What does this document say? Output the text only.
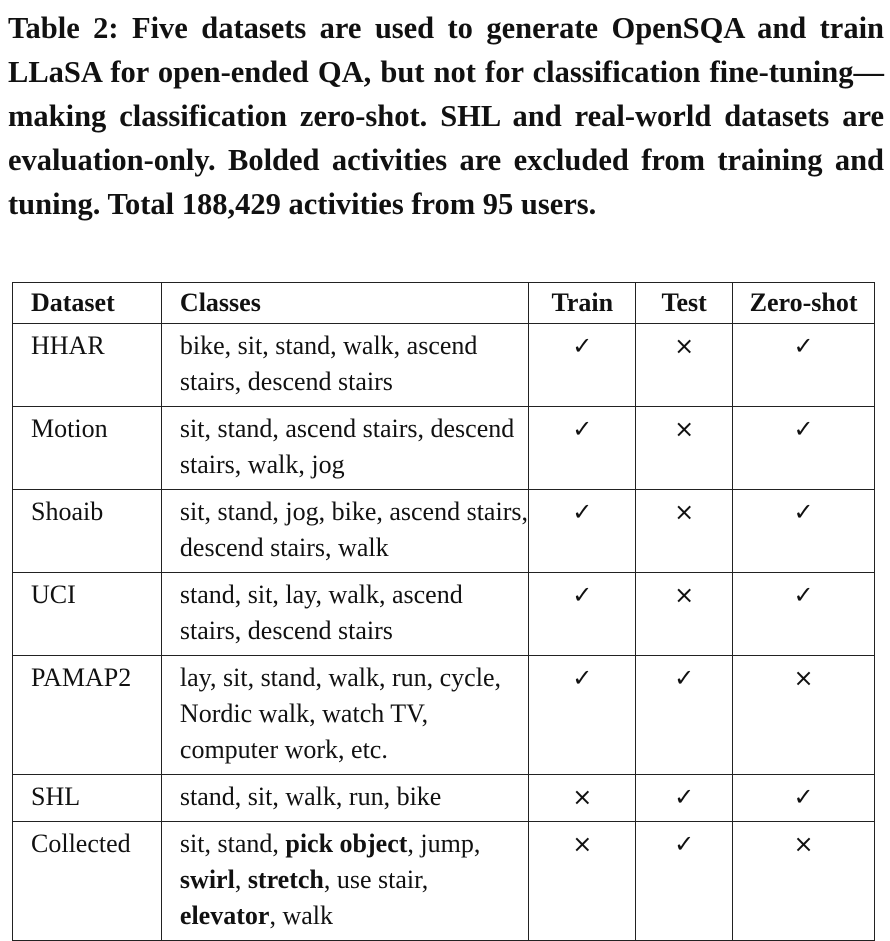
Table 2: Five datasets are used to generate OpenSQA and train LLaSA for open-ended QA, but not for classification fine-tuning—making classification zero-shot. SHL and real-world datasets are evaluation-only. Bolded activities are excluded from training and tuning. Total 188,429 activities from 95 users.

Dataset	Classes	Train	Test	Zero-shot
HHAR	bike, sit, stand, walk, ascend stairs, descend stairs	✓	×	✓
Motion	sit, stand, ascend stairs, descend stairs, walk, jog	✓	×	✓
Shoaib	sit, stand, jog, bike, ascend stairs, descend stairs, walk	✓	×	✓
UCI	stand, sit, lay, walk, ascend stairs, descend stairs	✓	×	✓
PAMAP2	lay, sit, stand, walk, run, cycle, Nordic walk, watch TV, computer work, etc.	✓	✓	×
SHL	stand, sit, walk, run, bike	×	✓	✓
Collected	sit, stand, pick object, jump, swirl, stretch, use stair, elevator, walk	×	✓	×
